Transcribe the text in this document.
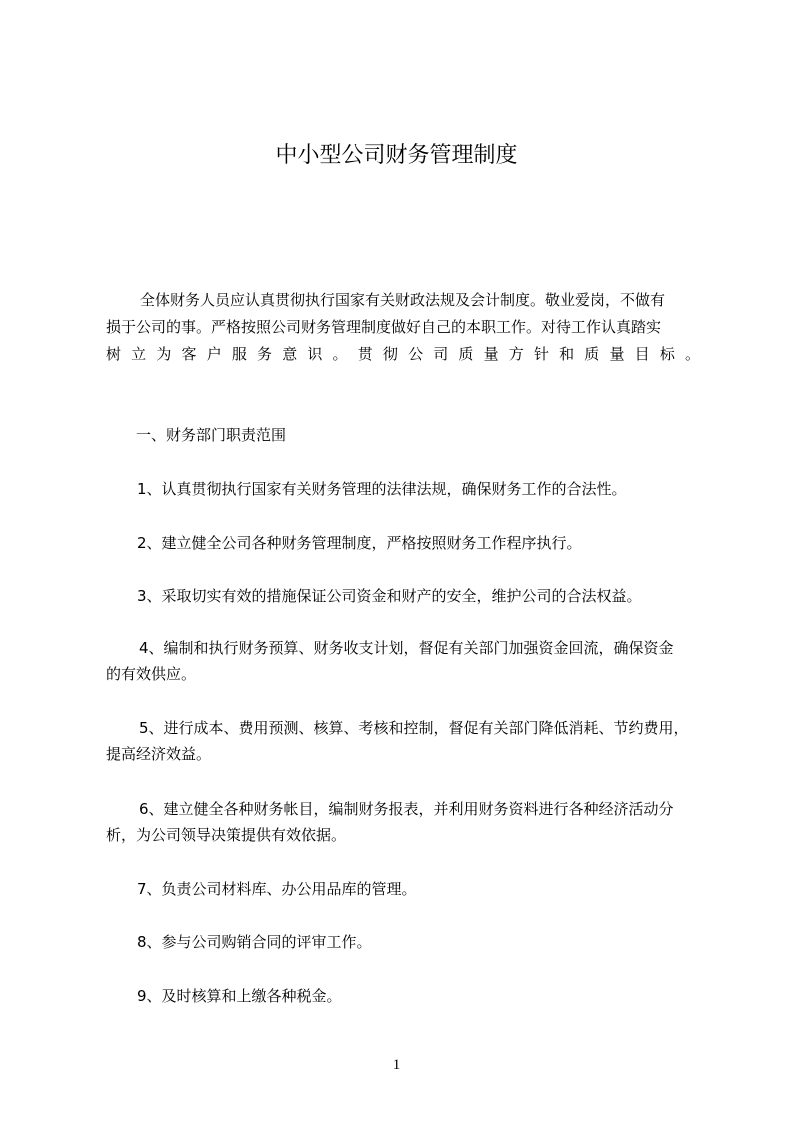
中小型公司财务管理制度
全体财务人员应认真贯彻执行国家有关财政法规及会计制度。敬业爱岗，不做有
损于公司的事。严格按照公司财务管理制度做好自己的本职工作。对待工作认真踏实
树立为客户服务意识。贯彻公司质量方针和质量目标。
一、财务部门职责范围
1、认真贯彻执行国家有关财务管理的法律法规，确保财务工作的合法性。
2、建立健全公司各种财务管理制度，严格按照财务工作程序执行。
3、采取切实有效的措施保证公司资金和财产的安全，维护公司的合法权益。
4、编制和执行财务预算、财务收支计划，督促有关部门加强资金回流，确保资金
的有效供应。
5、进行成本、费用预测、核算、考核和控制，督促有关部门降低消耗、节约费用，
提高经济效益。
6、建立健全各种财务帐目，编制财务报表，并利用财务资料进行各种经济活动分
析，为公司领导决策提供有效依据。
7、负责公司材料库、办公用品库的管理。
8、参与公司购销合同的评审工作。
9、及时核算和上缴各种税金。
1
